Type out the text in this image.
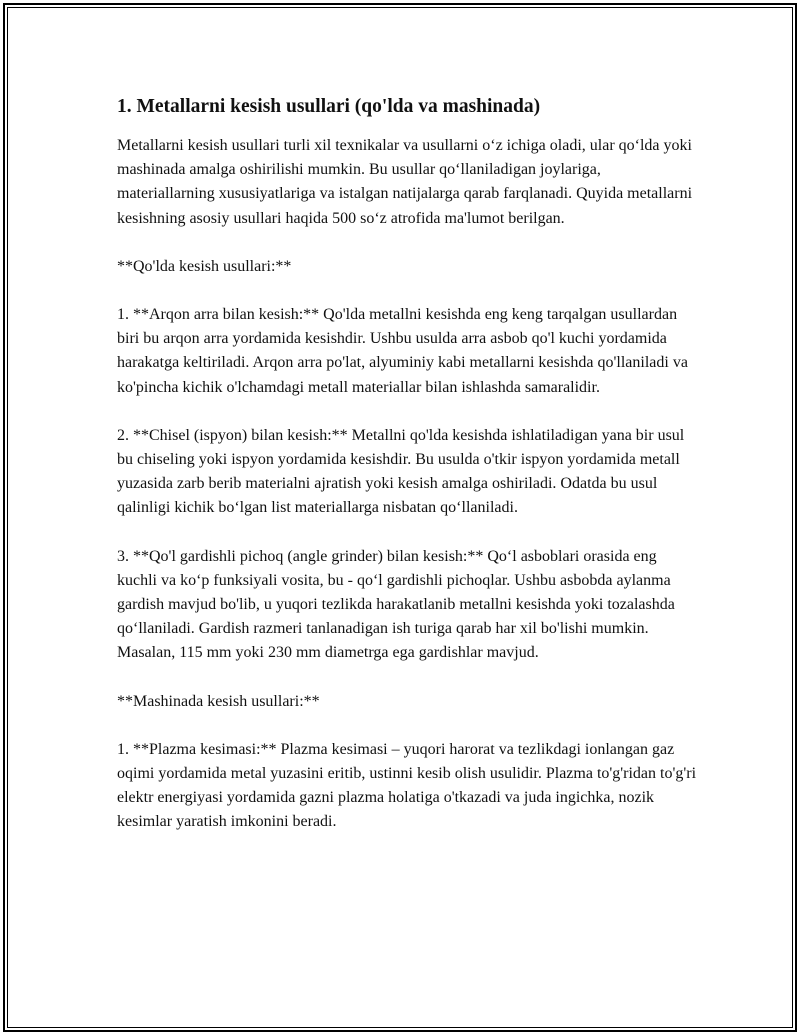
1. Metallarni kesish usullari (qo'lda va mashinada)

Metallarni kesish usullari turli xil texnikalar va usullarni oʻz ichiga oladi, ular qoʻlda yoki mashinada amalga oshirilishi mumkin. Bu usullar qoʻllaniladigan joylariga, materiallarning xususiyatlariga va istalgan natijalarga qarab farqlanadi. Quyida metallarni kesishning asosiy usullari haqida 500 soʻz atrofida ma'lumot berilgan.

**Qo'lda kesish usullari:**

1. **Arqon arra bilan kesish:** Qo'lda metallni kesishda eng keng tarqalgan usullardan biri bu arqon arra yordamida kesishdir. Ushbu usulda arra asbob qo'l kuchi yordamida harakatga keltiriladi. Arqon arra po'lat, alyuminiy kabi metallarni kesishda qo'llaniladi va ko'pincha kichik o'lchamdagi metall materiallar bilan ishlashda samaralidir.

2. **Chisel (ispyon) bilan kesish:** Metallni qo'lda kesishda ishlatiladigan yana bir usul bu chiseling yoki ispyon yordamida kesishdir. Bu usulda o'tkir ispyon yordamida metall yuzasida zarb berib materialni ajratish yoki kesish amalga oshiriladi. Odatda bu usul qalinligi kichik boʻlgan list materiallarga nisbatan qoʻllaniladi.

3. **Qo'l gardishli pichoq (angle grinder) bilan kesish:** Qoʻl asboblari orasida eng kuchli va koʻp funksiyali vosita, bu - qoʻl gardishli pichoqlar. Ushbu asbobda aylanma gardish mavjud bo'lib, u yuqori tezlikda harakatlanib metallni kesishda yoki tozalashda qoʻllaniladi. Gardish razmeri tanlanadigan ish turiga qarab har xil bo'lishi mumkin. Masalan, 115 mm yoki 230 mm diametrga ega gardishlar mavjud.

**Mashinada kesish usullari:**

1. **Plazma kesimasi:** Plazma kesimasi – yuqori harorat va tezlikdagi ionlangan gaz oqimi yordamida metal yuzasini eritib, ustinni kesib olish usulidir. Plazma to'g'ridan to'g'ri elektr energiyasi yordamida gazni plazma holatiga o'tkazadi va juda ingichka, nozik kesimlar yaratish imkonini beradi.
